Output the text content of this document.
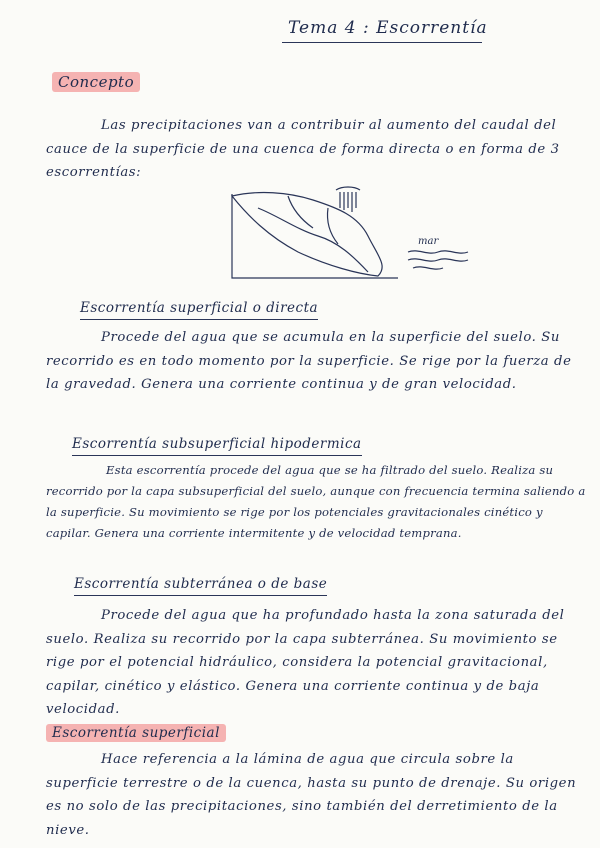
Tema 4 : Escorrentía
Concepto
Las precipitaciones van a contribuir al aumento del caudal del cauce de la superficie de una cuenca de forma directa o en forma de 3 escorrentías:
mar
Escorrentía superficial o directa
Procede del agua que se acumula en la superficie del suelo. Su recorrido es en todo momento por la superficie. Se rige por la fuerza de la gravedad. Genera una corriente continua y de gran velocidad.
Escorrentía subsuperficial hipodermica
Esta escorrentía procede del agua que se ha filtrado del suelo. Realiza su recorrido por la capa subsuperficial del suelo, aunque con frecuencia termina saliendo a la superficie. Su movimiento se rige por los potenciales gravitacionales cinético y capilar. Genera una corriente intermitente y de velocidad temprana.
Escorrentía subterránea o de base
Procede del agua que ha profundado hasta la zona saturada del suelo. Realiza su recorrido por la capa subterránea. Su movimiento se rige por el potencial hidráulico, considera la potencial gravitacional, capilar, cinético y elástico. Genera una corriente continua y de baja velocidad.
Escorrentía superficial
Hace referencia a la lámina de agua que circula sobre la superficie terrestre o de la cuenca, hasta su punto de drenaje. Su origen es no solo de las precipitaciones, sino también del derretimiento de la nieve.
